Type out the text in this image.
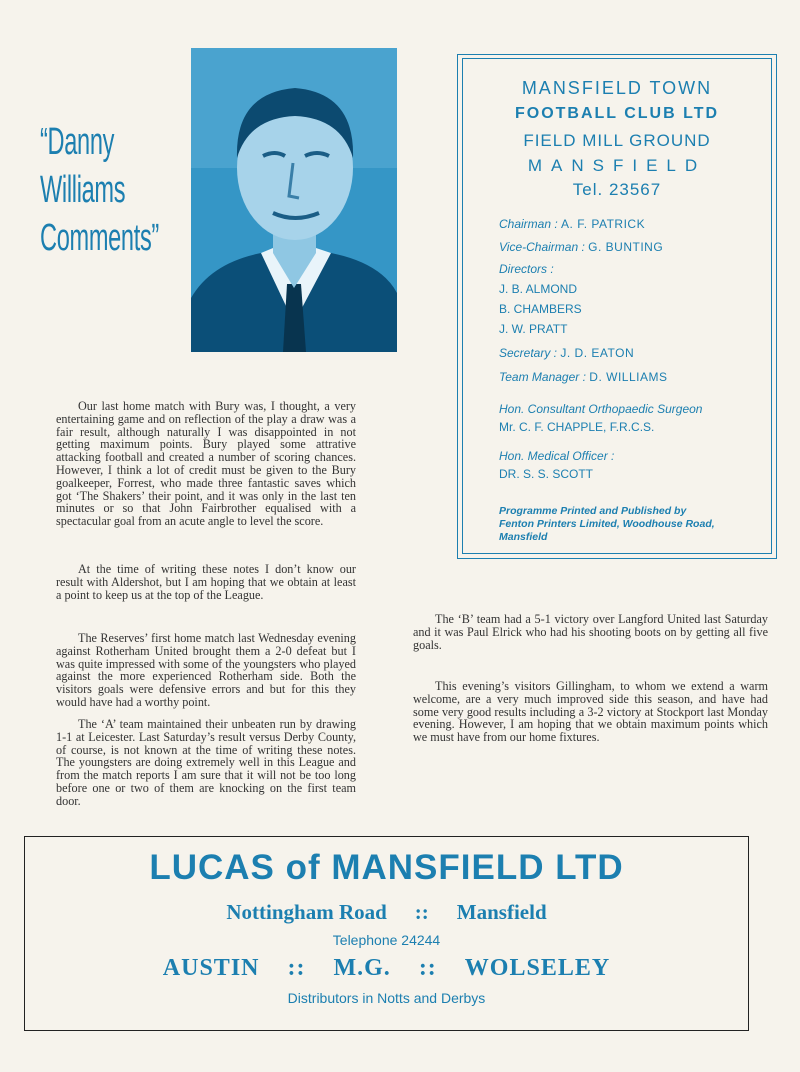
“Danny
Williams
Comments”
MANSFIELD TOWN
FOOTBALL CLUB LTD
FIELD MILL GROUND
MANSFIELD
Tel. 23567
Chairman : A. F. PATRICK
Vice-Chairman : G. BUNTING
Directors :
J. B. ALMOND
B. CHAMBERS
J. W. PRATT
Secretary : J. D. EATON
Team Manager : D. WILLIAMS
Hon. Consultant Orthopaedic Surgeon
Mr. C. F. CHAPPLE, F.R.C.S.
Hon. Medical Officer :
DR. S. S. SCOTT
Programme Printed and Published by
Fenton Printers Limited, Woodhouse Road,
Mansfield

Our last home match with Bury was, I thought, a very entertaining game and on reflection of the play a draw was a fair result, although naturally I was disappointed in not getting maximum points. Bury played some attrative attacking football and created a number of scoring chances. However, I think a lot of credit must be given to the Bury goalkeeper, Forrest, who made three fantastic saves which got ‘The Shakers’ their point, and it was only in the last ten minutes or so that John Fairbrother equalised with a spectacular goal from an acute angle to level the score.

At the time of writing these notes I don’t know our result with Aldershot, but I am hoping that we obtain at least a point to keep us at the top of the League.

The Reserves’ first home match last Wednesday evening against Rotherham United brought them a 2-0 defeat but I was quite impressed with some of the youngsters who played against the more experienced Rotherham side. Both the visitors goals were defensive errors and but for this they would have had a worthy point.

The ‘A’ team maintained their unbeaten run by drawing 1-1 at Leicester. Last Saturday’s result versus Derby County, of course, is not known at the time of writing these notes. The youngsters are doing extremely well in this League and from the match reports I am sure that it will not be too long before one or two of them are knocking on the first team door.

The ‘B’ team had a 5-1 victory over Langford United last Saturday and it was Paul Elrick who had his shooting boots on by getting all five goals.

This evening’s visitors Gillingham, to whom we extend a warm welcome, are a very much improved side this season, and have had some very good results including a 3-2 victory at Stockport last Monday evening. However, I am hoping that we obtain maximum points which we must have from our home fixtures.

LUCAS of MANSFIELD LTD
Nottingham Road :: Mansfield
Telephone 24244
AUSTIN :: M.G. :: WOLSELEY
Distributors in Notts and Derbys
